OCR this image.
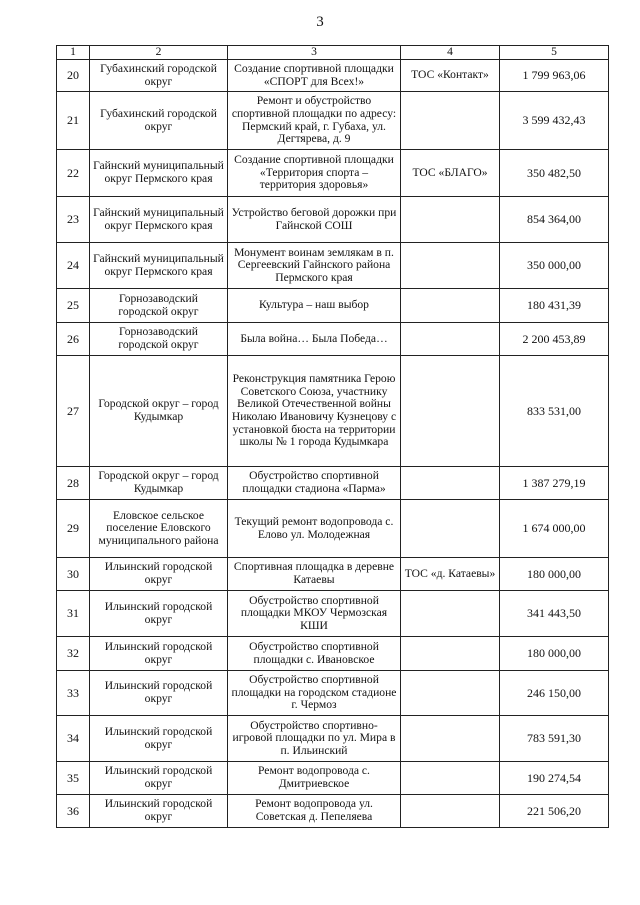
3
1	2	3	4	5
20	Губахинский городской округ	Создание спортивной площадки «СПОРТ для Всех!»	ТОС «Контакт»	1 799 963,06
21	Губахинский городской округ	Ремонт и обустройство спортивной площадки по адресу: Пермский край, г. Губаха, ул. Дегтярева, д. 9		3 599 432,43
22	Гайнский муниципальный округ Пермского края	Создание спортивной площадки «Территория спорта – территория здоровья»	ТОС «БЛАГО»	350 482,50
23	Гайнский муниципальный округ Пермского края	Устройство беговой дорожки при Гайнской СОШ		854 364,00
24	Гайнский муниципальный округ Пермского края	Монумент воинам землякам в п. Сергеевский Гайнского района Пермского края		350 000,00
25	Горнозаводский городской округ	Культура – наш выбор		180 431,39
26	Горнозаводский городской округ	Была война… Была Победа…		2 200 453,89
27	Городской округ – город Кудымкар	Реконструкция памятника Герою Советского Союза, участнику Великой Отечественной войны Николаю Ивановичу Кузнецову с установкой бюста на территории школы № 1 города Кудымкара		833 531,00
28	Городской округ – город Кудымкар	Обустройство спортивной площадки стадиона «Парма»		1 387 279,19
29	Еловское сельское поселение Еловского муниципального района	Текущий ремонт водопровода с. Елово ул. Молодежная		1 674 000,00
30	Ильинский городской округ	Спортивная площадка в деревне Катаевы	ТОС «д. Катаевы»	180 000,00
31	Ильинский городской округ	Обустройство спортивной площадки МКОУ Чермозская КШИ		341 443,50
32	Ильинский городской округ	Обустройство спортивной площадки с. Ивановское		180 000,00
33	Ильинский городской округ	Обустройство спортивной площадки на городском стадионе г. Чермоз		246 150,00
34	Ильинский городской округ	Обустройство спортивно-игровой площадки по ул. Мира в п. Ильинский		783 591,30
35	Ильинский городской округ	Ремонт водопровода с. Дмитриевское		190 274,54
36	Ильинский городской округ	Ремонт водопровода ул. Советская д. Пепеляева		221 506,20
